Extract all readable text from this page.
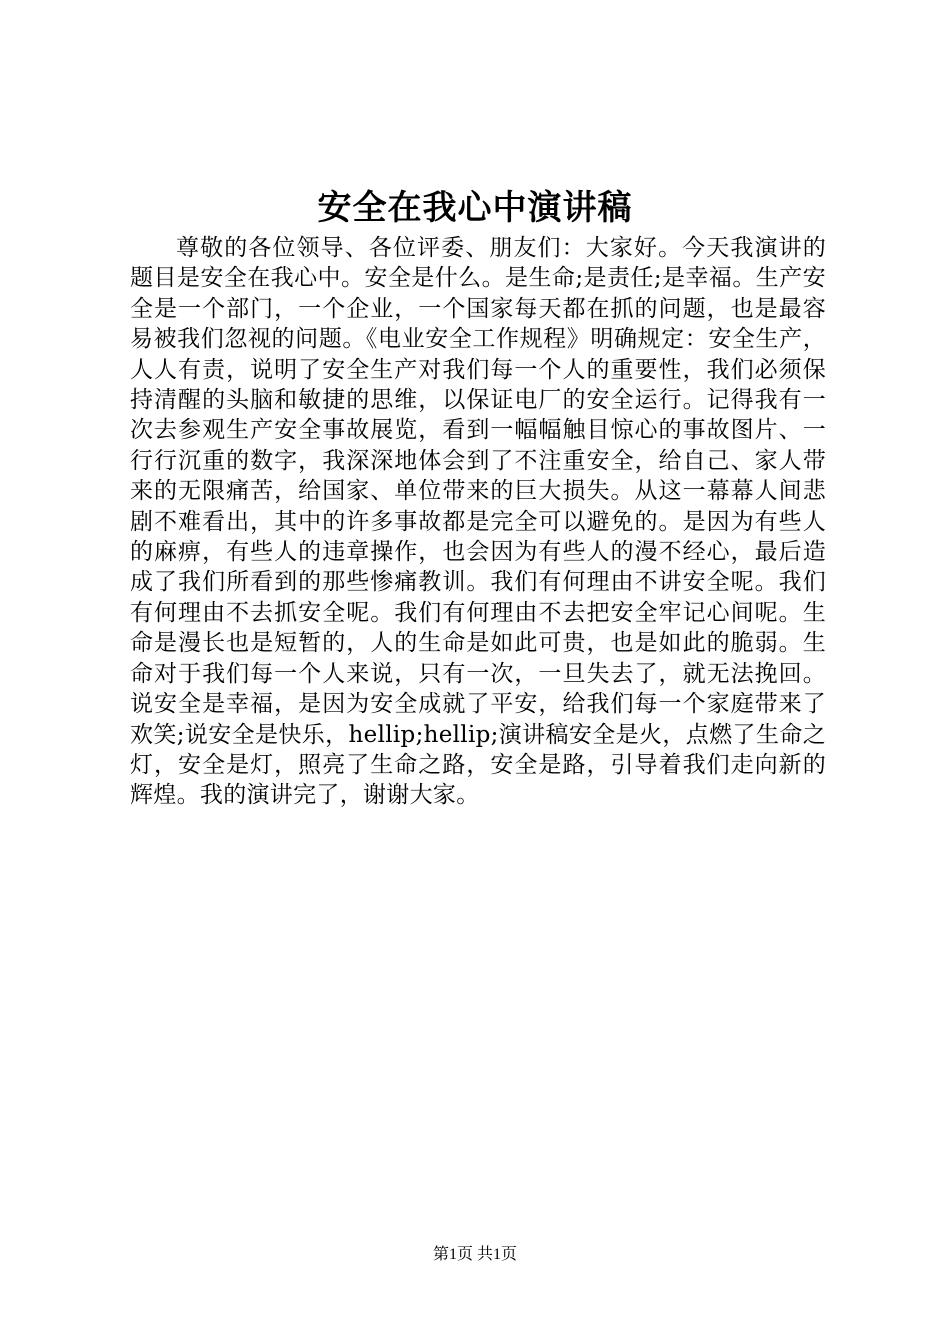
安全在我心中演讲稿

尊敬的各位领导、各位评委、朋友们：大家好。今天我演讲的题目是安全在我心中。安全是什么。是生命;是责任;是幸福。生产安全是一个部门，一个企业，一个国家每天都在抓的问题，也是最容易被我们忽视的问题。《电业安全工作规程》明确规定：安全生产，人人有责，说明了安全生产对我们每一个人的重要性，我们必须保持清醒的头脑和敏捷的思维，以保证电厂的安全运行。记得我有一次去参观生产安全事故展览，看到一幅幅触目惊心的事故图片、一行行沉重的数字，我深深地体会到了不注重安全，给自己、家人带来的无限痛苦，给国家、单位带来的巨大损失。从这一幕幕人间悲剧不难看出，其中的许多事故都是完全可以避免的。是因为有些人的麻痹，有些人的违章操作，也会因为有些人的漫不经心，最后造成了我们所看到的那些惨痛教训。我们有何理由不讲安全呢。我们有何理由不去抓安全呢。我们有何理由不去把安全牢记心间呢。生命是漫长也是短暂的，人的生命是如此可贵，也是如此的脆弱。生命对于我们每一个人来说，只有一次，一旦失去了，就无法挽回。说安全是幸福，是因为安全成就了平安，给我们每一个家庭带来了欢笑;说安全是快乐，hellip;hellip;演讲稿安全是火，点燃了生命之灯，安全是灯，照亮了生命之路，安全是路，引导着我们走向新的辉煌。我的演讲完了，谢谢大家。

第1页 共1页
